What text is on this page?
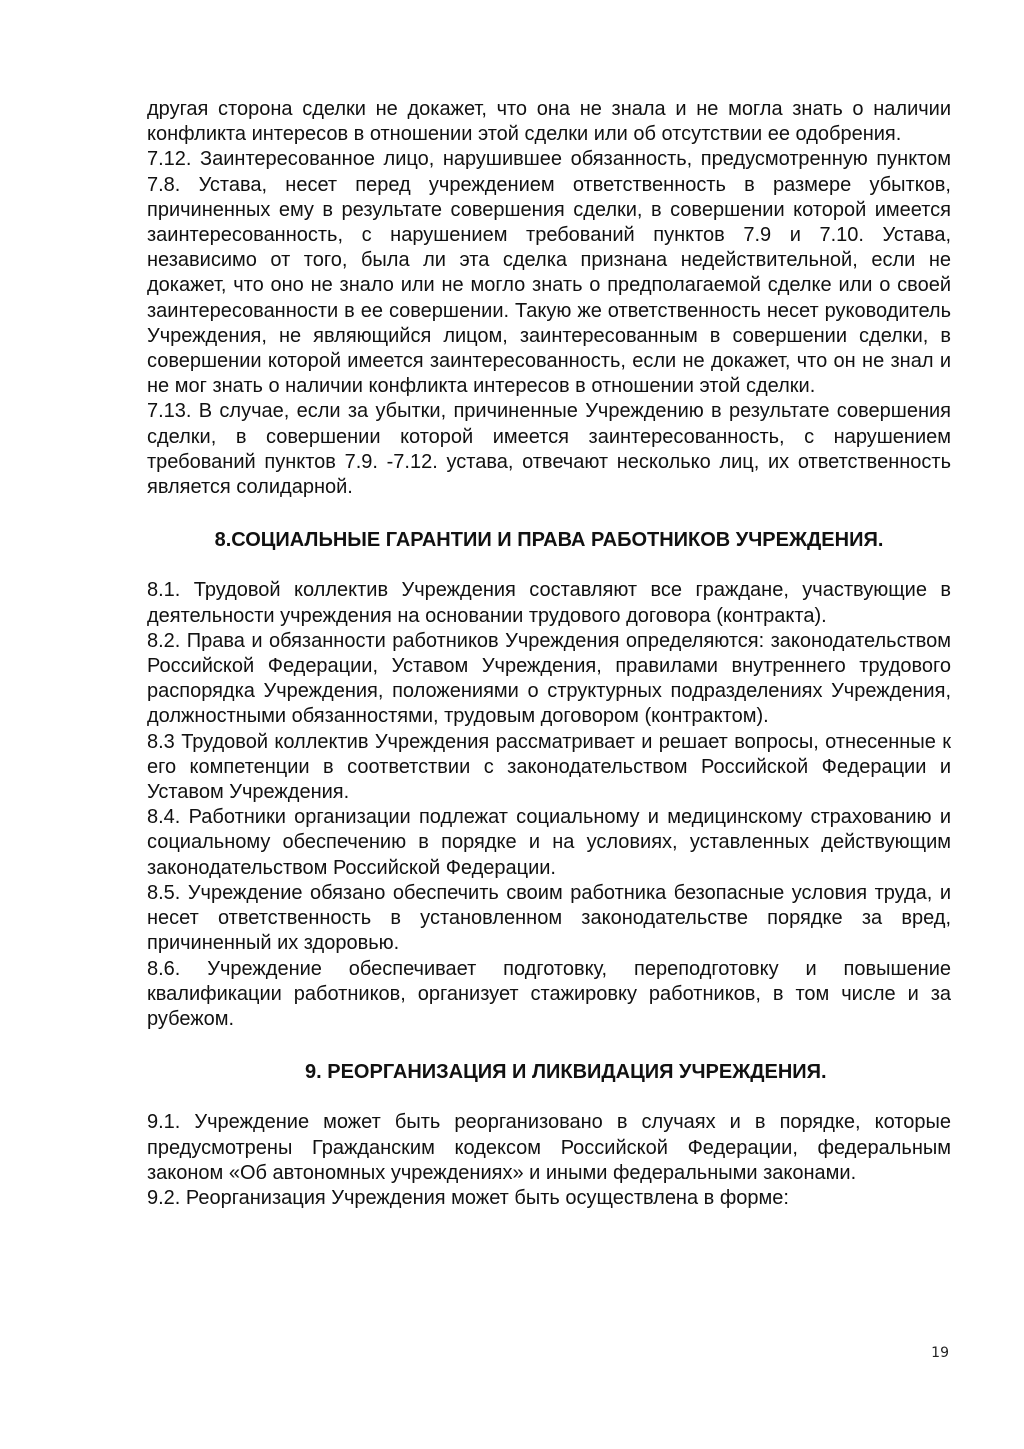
другая сторона сделки не докажет, что она не знала и не могла знать о наличии конфликта интересов в отношении этой сделки или об отсутствии ее одобрения.

7.12. Заинтересованное лицо, нарушившее обязанность, предусмотренную пунктом 7.8. Устава, несет перед учреждением ответственность в размере убытков, причиненных ему в результате совершения сделки, в совершении которой имеется заинтересованность, с нарушением требований пунктов 7.9 и 7.10. Устава, независимо от того, была ли эта сделка признана недействительной, если не докажет, что оно не знало или не могло знать о предполагаемой сделке или о своей заинтересованности в ее совершении. Такую же ответственность несет руководитель Учреждения, не являющийся лицом, заинтересованным в совершении сделки, в совершении которой имеется заинтересованность, если не докажет, что он не знал и не мог знать о наличии конфликта интересов в отношении этой сделки.

7.13. В случае, если за убытки, причиненные Учреждению в результате совершения сделки, в совершении которой имеется заинтересованность, с нарушением требований пунктов 7.9. -7.12. устава, отвечают несколько лиц, их ответственность является солидарной.

8.СОЦИАЛЬНЫЕ ГАРАНТИИ И ПРАВА РАБОТНИКОВ УЧРЕЖДЕНИЯ.

8.1. Трудовой коллектив Учреждения составляют все граждане, участвующие в деятельности учреждения на основании трудового договора (контракта).

8.2. Права и обязанности работников Учреждения определяются: законодательством Российской Федерации, Уставом Учреждения, правилами внутреннего трудового распорядка Учреждения, положениями о структурных подразделениях Учреждения, должностными обязанностями, трудовым договором (контрактом).

8.3 Трудовой коллектив Учреждения рассматривает и решает вопросы, отнесенные к его компетенции в соответствии с законодательством Российской Федерации и Уставом Учреждения.

8.4. Работники организации подлежат социальному и медицинскому страхованию и социальному обеспечению в порядке и на условиях, уставленных действующим законодательством Российской Федерации.

8.5. Учреждение обязано обеспечить своим работника безопасные условия труда, и несет ответственность в установленном законодательстве порядке за вред, причиненный их здоровью.

8.6. Учреждение обеспечивает подготовку, переподготовку и повышение квалификации работников, организует стажировку работников, в том числе и за рубежом.

9. РЕОРГАНИЗАЦИЯ И ЛИКВИДАЦИЯ УЧРЕЖДЕНИЯ.

9.1. Учреждение может быть реорганизовано в случаях и в порядке, которые предусмотрены Гражданским кодексом Российской Федерации, федеральным законом «Об автономных учреждениях» и иными федеральными законами.

9.2. Реорганизация Учреждения может быть осуществлена в форме:

19
